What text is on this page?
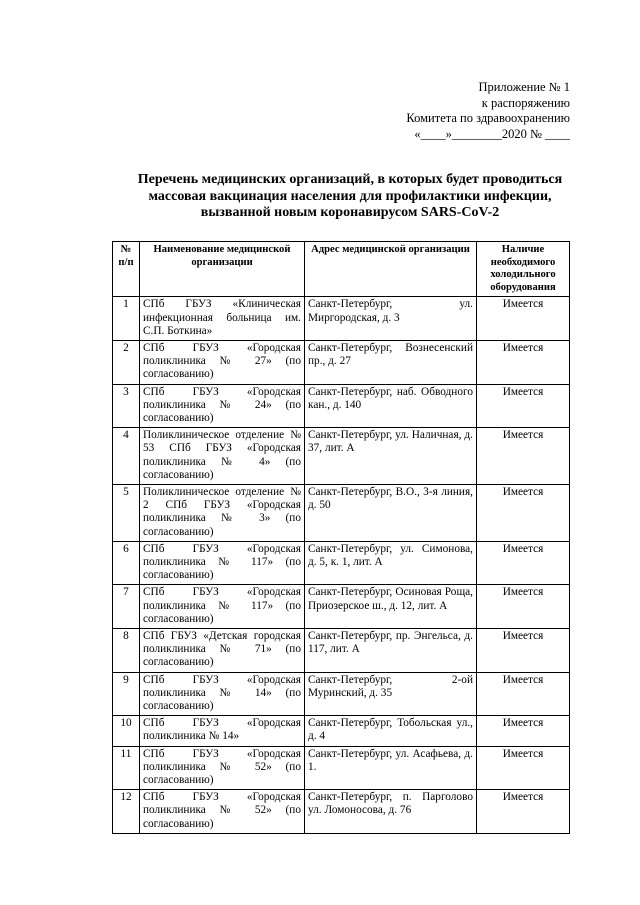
Приложение № 1
к распоряжению
Комитета по здравоохранению
«____»________2020 № ____
Перечень медицинских организаций, в которых будет проводиться
массовая вакцинация населения для профилактики инфекции,
вызванной новым коронавирусом SARS-CoV-2
№ п/п	Наименование медицинской организации	Адрес медицинской организации	Наличие необходимого холодильного оборудования
1	СПб ГБУЗ «Клиническая инфекционная больница им. С.П. Боткина»	Санкт-Петербург, ул. Миргородская, д. 3	Имеется
2	СПб ГБУЗ «Городская поликлиника № 27» (по согласованию)	Санкт-Петербург, Вознесенский пр., д. 27	Имеется
3	СПб ГБУЗ «Городская поликлиника № 24» (по согласованию)	Санкт-Петербург, наб. Обводного кан., д. 140	Имеется
4	Поликлиническое отделение № 53 СПб ГБУЗ «Городская поликлиника № 4» (по согласованию)	Санкт-Петербург, ул. Наличная, д. 37, лит. А	Имеется
5	Поликлиническое отделение № 2 СПб ГБУЗ «Городская поликлиника № 3» (по согласованию)	Санкт-Петербург, В.О., 3-я линия, д. 50	Имеется
6	СПб ГБУЗ «Городская поликлиника № 117» (по согласованию)	Санкт-Петербург, ул. Симонова, д. 5, к. 1, лит. А	Имеется
7	СПб ГБУЗ «Городская поликлиника № 117» (по согласованию)	Санкт-Петербург, Осиновая Роща, Приозерское ш., д. 12, лит. А	Имеется
8	СПб ГБУЗ «Детская городская поликлиника № 71» (по согласованию)	Санкт-Петербург, пр. Энгельса, д. 117, лит. А	Имеется
9	СПб ГБУЗ «Городская поликлиника № 14» (по согласованию)	Санкт-Петербург, 2-ой Муринский, д. 35	Имеется
10	СПб ГБУЗ «Городская поликлиника № 14»	Санкт-Петербург, Тобольская ул., д. 4	Имеется
11	СПб ГБУЗ «Городская поликлиника № 52» (по согласованию)	Санкт-Петербург, ул. Асафьева, д. 1.	Имеется
12	СПб ГБУЗ «Городская поликлиника № 52» (по согласованию)	Санкт-Петербург, п. Парголово ул. Ломоносова, д. 76	Имеется
